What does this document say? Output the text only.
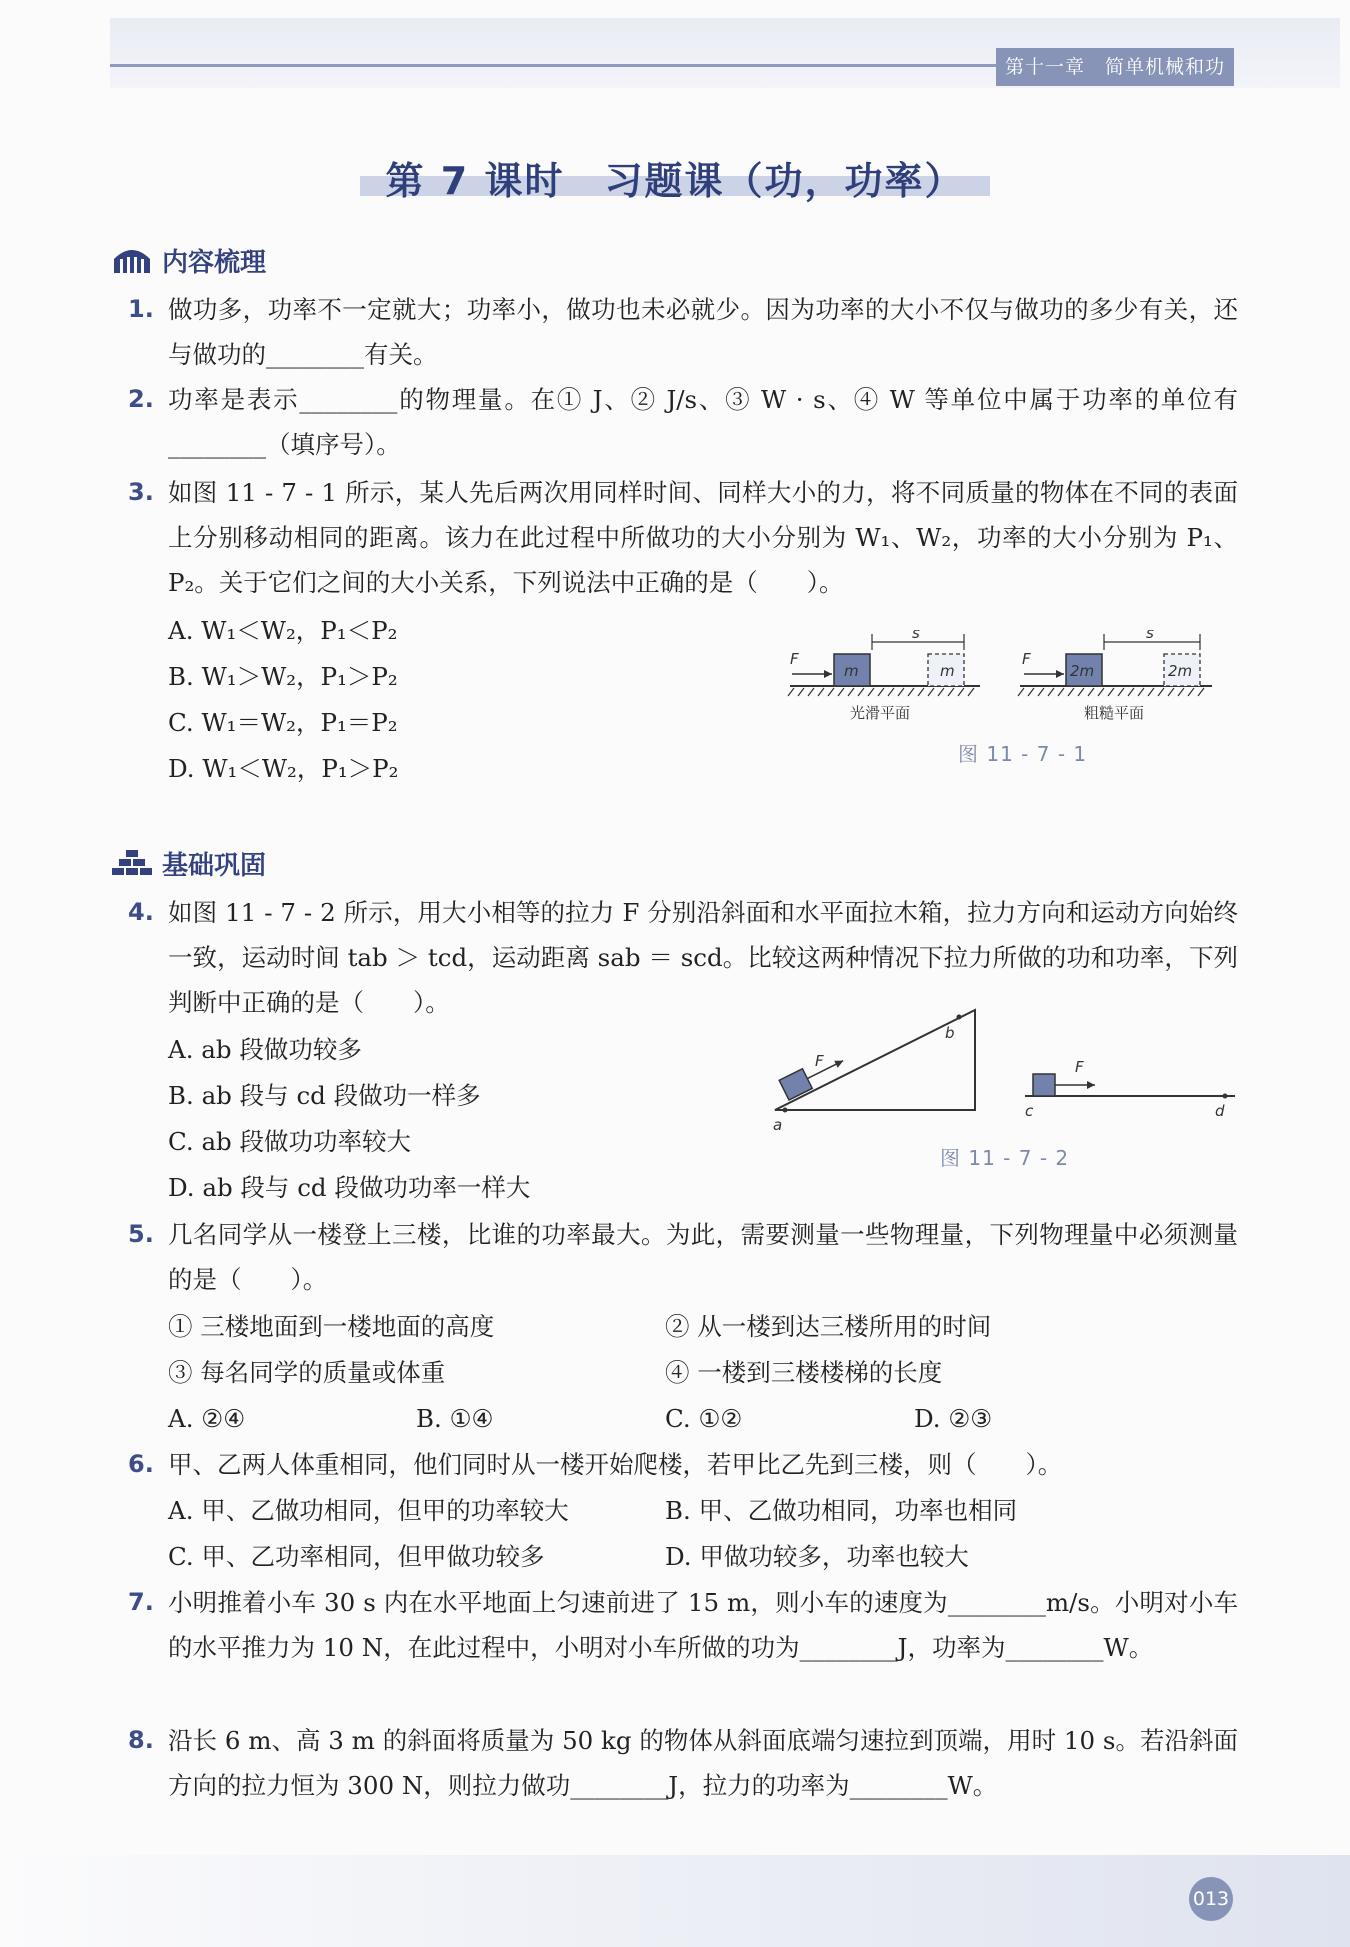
第十一章　简单机械和功
第 7 课时　习题课（功，功率）
内容梳理
1. 做功多，功率不一定就大；功率小，做功也未必就少。因为功率的大小不仅与做功的多少有关，还与做功的________有关。
2. 功率是表示________的物理量。在① J、② J/s、③ W · s、④ W 等单位中属于功率的单位有________（填序号）。
3. 如图 11 - 7 - 1 所示，某人先后两次用同样时间、同样大小的力，将不同质量的物体在不同的表面上分别移动相同的距离。该力在此过程中所做功的大小分别为 W₁、W₂，功率的大小分别为 P₁、P₂。关于它们之间的大小关系，下列说法中正确的是（　　）。
A. W₁＜W₂，P₁＜P₂
B. W₁＞W₂，P₁＞P₂
C. W₁＝W₂，P₁＝P₂
D. W₁＜W₂，P₁＞P₂
F
m	m
s
光滑平面
F
2m	2m
s
粗糙平面
图 11 - 7 - 1
基础巩固
4. 如图 11 - 7 - 2 所示，用大小相等的拉力 F 分别沿斜面和水平面拉木箱，拉力方向和运动方向始终一致，运动时间 tab ＞ tcd，运动距离 sab ＝ scd。比较这两种情况下拉力所做的功和功率，下列判断中正确的是（　　）。
A. ab 段做功较多
B. ab 段与 cd 段做功一样多
C. ab 段做功功率较大
D. ab 段与 cd 段做功功率一样大
F
b
a
F
c	d
图 11 - 7 - 2
5. 几名同学从一楼登上三楼，比谁的功率最大。为此，需要测量一些物理量，下列物理量中必须测量的是（　　）。
① 三楼地面到一楼地面的高度	② 从一楼到达三楼所用的时间
③ 每名同学的质量或体重	④ 一楼到三楼楼梯的长度
A. ②④	B. ①④	C. ①②	D. ②③
6. 甲、乙两人体重相同，他们同时从一楼开始爬楼，若甲比乙先到三楼，则（　　）。
A. 甲、乙做功相同，但甲的功率较大	B. 甲、乙做功相同，功率也相同
C. 甲、乙功率相同，但甲做功较多	D. 甲做功较多，功率也较大
7. 小明推着小车 30 s 内在水平地面上匀速前进了 15 m，则小车的速度为________m/s。小明对小车的水平推力为 10 N，在此过程中，小明对小车所做的功为________J，功率为________W。
8. 沿长 6 m、高 3 m 的斜面将质量为 50 kg 的物体从斜面底端匀速拉到顶端，用时 10 s。若沿斜面方向的拉力恒为 300 N，则拉力做功________J，拉力的功率为________W。
013
